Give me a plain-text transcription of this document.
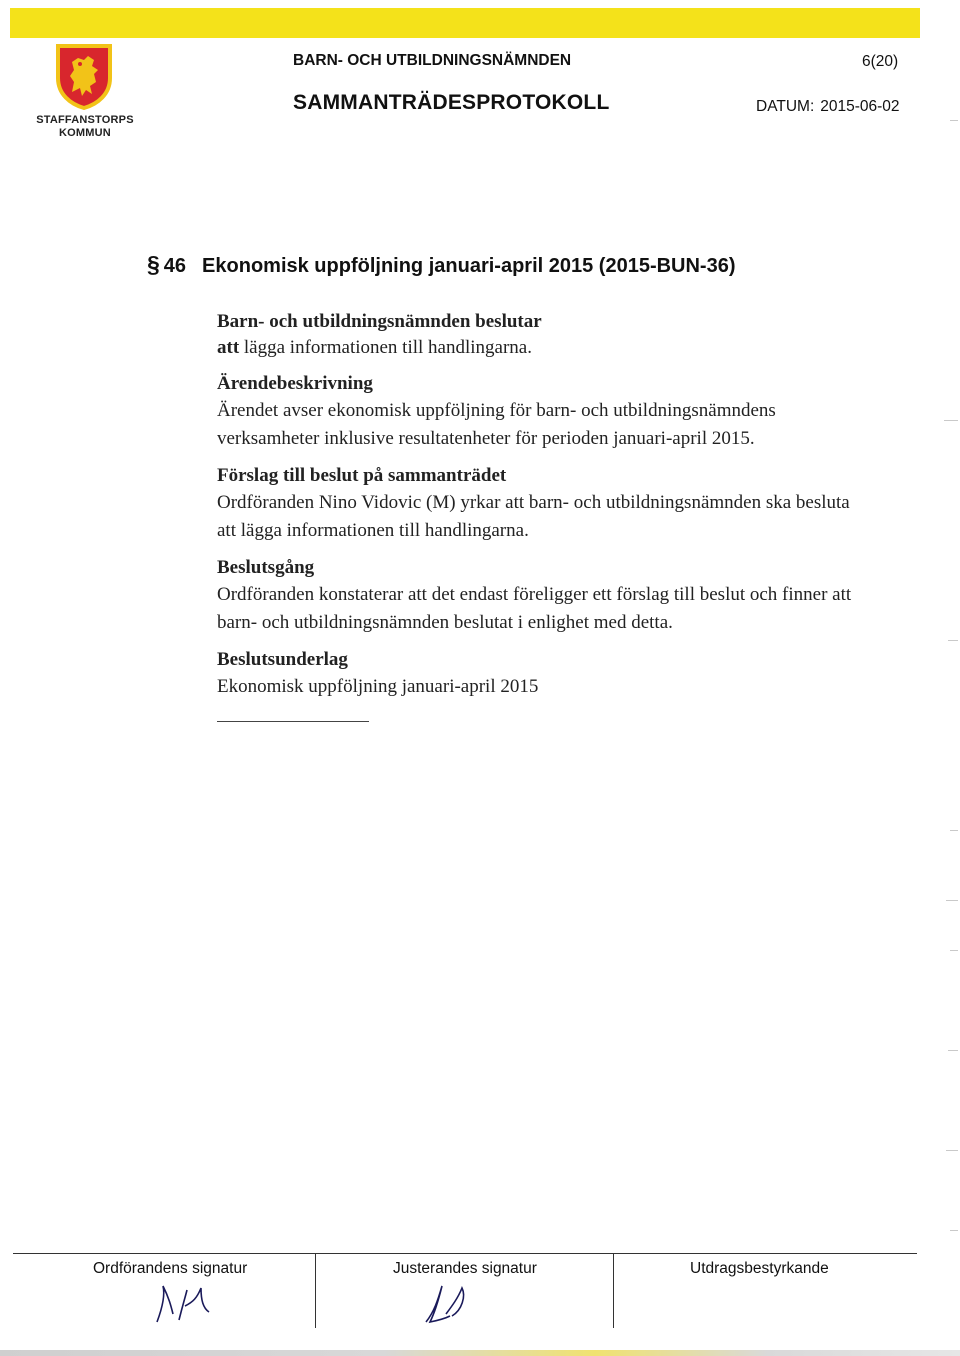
STAFFANSTORPS
KOMMUN
BARN- OCH UTBILDNINGSNÄMNDEN	6(20)
SAMMANTRÄDESPROTOKOLL	DATUM: 2015-06-02
§ 46 Ekonomisk uppföljning januari-april 2015 (2015-BUN-36)
Barn- och utbildningsnämnden beslutar
att lägga informationen till handlingarna.
Ärendebeskrivning
Ärendet avser ekonomisk uppföljning för barn- och utbildningsnämndens verksamheter inklusive resultatenheter för perioden januari-april 2015.
Förslag till beslut på sammanträdet
Ordföranden Nino Vidovic (M) yrkar att barn- och utbildningsnämnden ska besluta att lägga informationen till handlingarna.
Beslutsgång
Ordföranden konstaterar att det endast föreligger ett förslag till beslut och finner att barn- och utbildningsnämnden beslutat i enlighet med detta.
Beslutsunderlag
Ekonomisk uppföljning januari-april 2015
Ordförandens signatur	Justerandes signatur	Utdragsbestyrkande
